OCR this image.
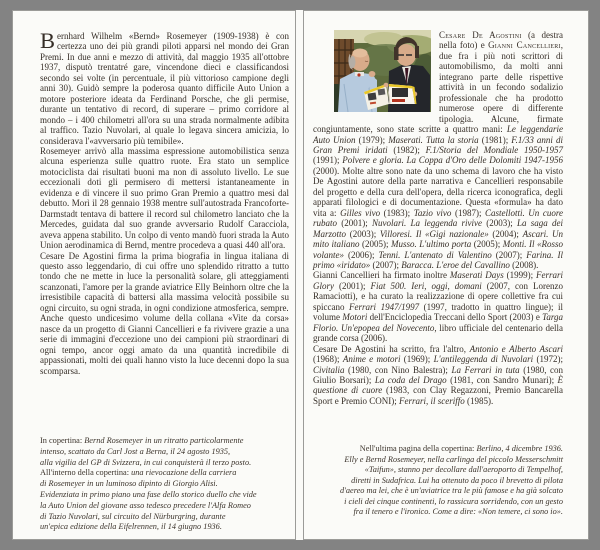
Bernhard Wilhelm «Bernd» Rosemeyer (1909-1938) è con certezza uno dei più grandi piloti apparsi nel mondo dei Gran Premi. In due anni e mezzo di attività, dal maggio 1935 all'ottobre 1937, disputò trentatré gare, vincendone dieci e classificandosi secondo sei volte (in percentuale, il più vittorioso campione degli anni 30). Guidò sempre la poderosa quanto difficile Auto Union a motore posteriore ideata da Ferdinand Porsche, che gli permise, durante un tentativo di record, di superare – primo corridore al mondo – i 400 chilometri all'ora su una strada normalmente adibita al traffico. Tazio Nuvolari, al quale lo legava sincera amicizia, lo considerava l'«avversario più temibile».

Rosemeyer arrivò alla massima espressione automobilistica senza alcuna esperienza sulle quattro ruote. Era stato un semplice motociclista dai risultati buoni ma non di assoluto livello. Le sue eccezionali doti gli permisero di mettersi istantaneamente in evidenza e di vincere il suo primo Gran Premio a quattro mesi dal debutto. Morì il 28 gennaio 1938 mentre sull'autostrada Francoforte-Darmstadt tentava di battere il record sul chilometro lanciato che la Mercedes, guidata dal suo grande avversario Rudolf Caracciola, aveva appena stabilito. Un colpo di vento mandò fuori strada la Auto Union aerodinamica di Bernd, mentre procedeva a quasi 440 all'ora.

Cesare De Agostini firma la prima biografia in lingua italiana di questo asso leggendario, di cui offre uno splendido ritratto a tutto tondo che ne mette in luce la personalità solare, gli atteggiamenti scanzonati, l'amore per la grande aviatrice Elly Beinhorn oltre che la irresistibile capacità di battersi alla massima velocità possibile su ogni circuito, su ogni strada, in ogni condizione atmosferica, sempre.

Anche questo undicesimo volume della collana «Vite da corsa» nasce da un progetto di Gianni Cancellieri e fa rivivere grazie a una serie di immagini d'eccezione uno dei campioni più straordinari di ogni tempo, ancor oggi amato da una quantità incredibile di appassionati, molti dei quali hanno visto la luce decenni dopo la sua scomparsa.

In copertina: Bernd Rosemeyer in un ritratto particolarmente
intenso, scattato da Carl Jost a Berna, il 24 agosto 1935,
alla vigilia del GP di Svizzera, in cui conquisterà il terzo posto.
All'interno della copertina: una rievocazione della carriera
di Rosemeyer in un luminoso dipinto di Giorgio Alisi.
Evidenziata in primo piano una fase dello storico duello che vide
la Auto Union del giovane asso tedesco precedere l'Alfa Romeo
di Tazio Nuvolari, sul circuito del Nürburgring, durante
un'epica edizione della Eifelrennen, il 14 giugno 1936.

Cesare De Agostini (a destra nella foto) e Gianni Cancellieri, due fra i più noti scrittori di automobilismo, da molti anni integrano parte delle rispettive attività in un fecondo sodalizio professionale che ha prodotto numerose opere di differente tipologia. Alcune, firmate congiuntamente, sono state scritte a quattro mani: Le leggendarie Auto Union (1979); Maserati. Tutta la storia (1981); F.1/33 anni di Gran Premi iridati (1982); F.1/Storia del Mondiale 1950-1957 (1991); Polvere e gloria. La Coppa d'Oro delle Dolomiti 1947-1956 (2000). Molte altre sono nate da uno schema di lavoro che ha visto De Agostini autore della parte narrativa e Cancellieri responsabile del progetto e della cura dell'opera, della ricerca iconografica, degli apparati filologici e di documentazione. Questa «formula» ha dato vita a: Gilles vivo (1983); Tazio vivo (1987); Castellotti. Un cuore rubato (2001); Nuvolari. La leggenda rivive (2003); La saga dei Marzotto (2003); Villoresi. Il «Gigi nazionale» (2004); Ascari. Un mito italiano (2005); Musso. L'ultimo porta (2005); Monti. Il «Rosso volante» (2006); Tenni. L'antenato di Valentino (2007); Farina. Il primo «iridato» (2007); Baracca. L'eroe del Cavallino (2008).

Gianni Cancellieri ha firmato inoltre Maserati Days (1999); Ferrari Glory (2001); Fiat 500. Ieri, oggi, domani (2007, con Lorenzo Ramaciotti), e ha curato la realizzazione di opere collettive fra cui spiccano Ferrari 1947/1997 (1997, tradotto in quattro lingue); il volume Motori dell'Enciclopedia Treccani dello Sport (2003) e Targa Florio. Un'epopea del Novecento, libro ufficiale del centenario della grande corsa (2006).

Cesare De Agostini ha scritto, fra l'altro, Antonio e Alberto Ascari (1968); Anime e motori (1969); L'antileggenda di Nuvolari (1972); Civitalia (1980, con Nino Balestra); La Ferrari in tuta (1980, con Giulio Borsari); La coda del Drago (1981, con Sandro Munari); È questione di cuore (1983, con Clay Regazzoni, Premio Bancarella Sport e Premio CONI); Ferrari, il sceriffo (1985).

Nell'ultima pagina della copertina: Berlino, 4 dicembre 1936.
Elly e Bernd Rosemeyer, nella carlinga del piccolo Messerschmitt
«Taifun», stanno per decollare dall'aeroporto di Tempelhof,
diretti in Sudafrica. Lui ha ottenuto da poco il brevetto di pilota
d'aereo ma lei, che è un'aviatrice tra le più famose e ha già solcato
i cieli dei cinque continenti, lo rassicura sorridendo, con un gesto
fra il tenero e l'ironico. Come a dire: «Non temere, ci sono io».
